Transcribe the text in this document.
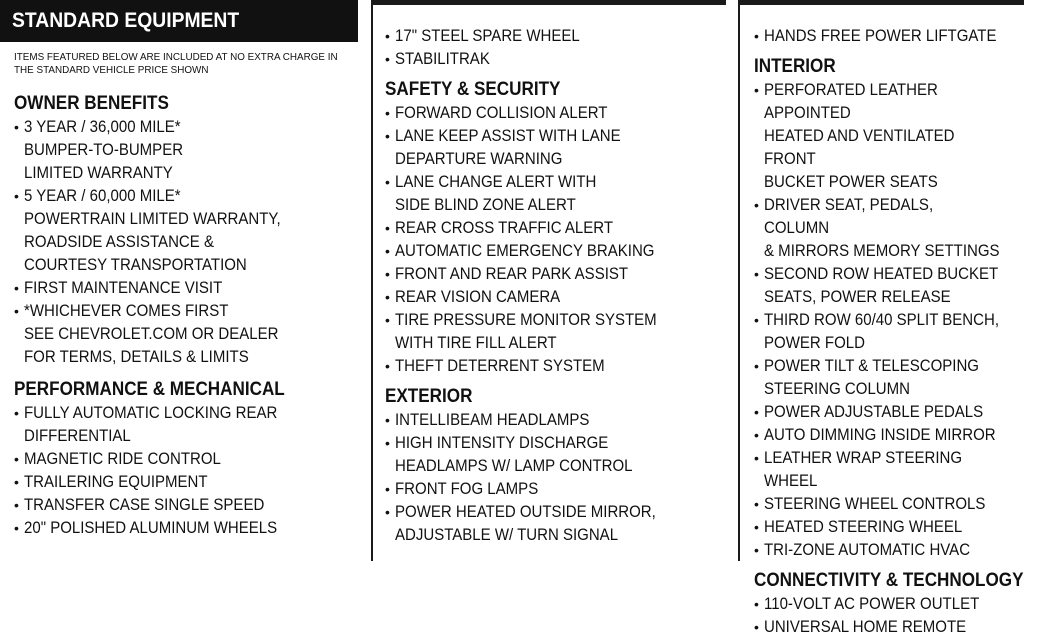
STANDARD EQUIPMENT
ITEMS FEATURED BELOW ARE INCLUDED AT NO EXTRA CHARGE IN
THE STANDARD VEHICLE PRICE SHOWN
OWNER BENEFITS
• 3 YEAR / 36,000 MILE*
BUMPER-TO-BUMPER
LIMITED WARRANTY
• 5 YEAR / 60,000 MILE*
POWERTRAIN LIMITED WARRANTY,
ROADSIDE ASSISTANCE &
COURTESY TRANSPORTATION
• FIRST MAINTENANCE VISIT
• *WHICHEVER COMES FIRST
SEE CHEVROLET.COM OR DEALER
FOR TERMS, DETAILS & LIMITS
PERFORMANCE & MECHANICAL
• FULLY AUTOMATIC LOCKING REAR
DIFFERENTIAL
• MAGNETIC RIDE CONTROL
• TRAILERING EQUIPMENT
• TRANSFER CASE SINGLE SPEED
• 20" POLISHED ALUMINUM WHEELS
• 17" STEEL SPARE WHEEL
• STABILITRAK
SAFETY & SECURITY
• FORWARD COLLISION ALERT
• LANE KEEP ASSIST WITH LANE
DEPARTURE WARNING
• LANE CHANGE ALERT WITH
SIDE BLIND ZONE ALERT
• REAR CROSS TRAFFIC ALERT
• AUTOMATIC EMERGENCY BRAKING
• FRONT AND REAR PARK ASSIST
• REAR VISION CAMERA
• TIRE PRESSURE MONITOR SYSTEM
WITH TIRE FILL ALERT
• THEFT DETERRENT SYSTEM
EXTERIOR
• INTELLIBEAM HEADLAMPS
• HIGH INTENSITY DISCHARGE
HEADLAMPS W/ LAMP CONTROL
• FRONT FOG LAMPS
• POWER HEATED OUTSIDE MIRROR,
ADJUSTABLE W/ TURN SIGNAL
• HANDS FREE POWER LIFTGATE
INTERIOR
• PERFORATED LEATHER APPOINTED
HEATED AND VENTILATED FRONT
BUCKET POWER SEATS
• DRIVER SEAT, PEDALS, COLUMN
& MIRRORS MEMORY SETTINGS
• SECOND ROW HEATED BUCKET
SEATS, POWER RELEASE
• THIRD ROW 60/40 SPLIT BENCH,
POWER FOLD
• POWER TILT & TELESCOPING
STEERING COLUMN
• POWER ADJUSTABLE PEDALS
• AUTO DIMMING INSIDE MIRROR
• LEATHER WRAP STEERING WHEEL
• STEERING WHEEL CONTROLS
• HEATED STEERING WHEEL
• TRI-ZONE AUTOMATIC HVAC
CONNECTIVITY & TECHNOLOGY
• 110-VOLT AC POWER OUTLET
• UNIVERSAL HOME REMOTE
